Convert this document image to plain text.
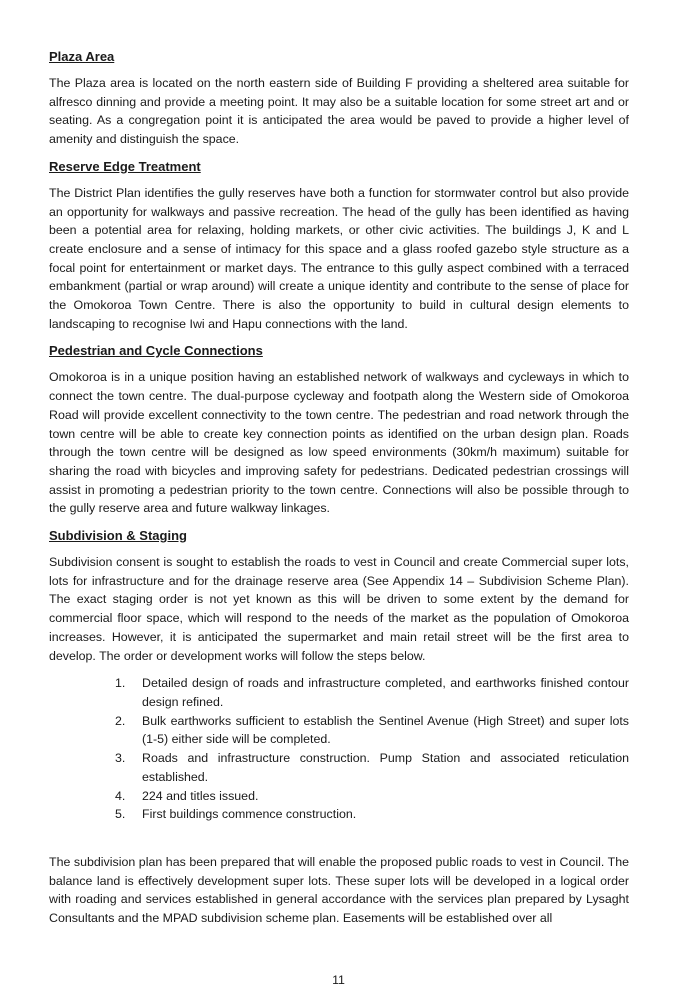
Plaza Area

The Plaza area is located on the north eastern side of Building F providing a sheltered area suitable for alfresco dinning and provide a meeting point. It may also be a suitable location for some street art and or seating. As a congregation point it is anticipated the area would be paved to provide a higher level of amenity and distinguish the space.

Reserve Edge Treatment

The District Plan identifies the gully reserves have both a function for stormwater control but also provide an opportunity for walkways and passive recreation. The head of the gully has been identified as having been a potential area for relaxing, holding markets, or other civic activities. The buildings J, K and L create enclosure and a sense of intimacy for this space and a glass roofed gazebo style structure as a focal point for entertainment or market days. The entrance to this gully aspect combined with a terraced embankment (partial or wrap around) will create a unique identity and contribute to the sense of place for the Omokoroa Town Centre. There is also the opportunity to build in cultural design elements to landscaping to recognise Iwi and Hapu connections with the land.

Pedestrian and Cycle Connections

Omokoroa is in a unique position having an established network of walkways and cycleways in which to connect the town centre. The dual-purpose cycleway and footpath along the Western side of Omokoroa Road will provide excellent connectivity to the town centre. The pedestrian and road network through the town centre will be able to create key connection points as identified on the urban design plan. Roads through the town centre will be designed as low speed environments (30km/h maximum) suitable for sharing the road with bicycles and improving safety for pedestrians. Dedicated pedestrian crossings will assist in promoting a pedestrian priority to the town centre. Connections will also be possible through to the gully reserve area and future walkway linkages.

Subdivision & Staging

Subdivision consent is sought to establish the roads to vest in Council and create Commercial super lots, lots for infrastructure and for the drainage reserve area (See Appendix 14 – Subdivision Scheme Plan). The exact staging order is not yet known as this will be driven to some extent by the demand for commercial floor space, which will respond to the needs of the market as the population of Omokoroa increases. However, it is anticipated the supermarket and main retail street will be the first area to develop. The order or development works will follow the steps below.

1. Detailed design of roads and infrastructure completed, and earthworks finished contour design refined.
2. Bulk earthworks sufficient to establish the Sentinel Avenue (High Street) and super lots (1-5) either side will be completed.
3. Roads and infrastructure construction. Pump Station and associated reticulation established.
4. 224 and titles issued.
5. First buildings commence construction.

The subdivision plan has been prepared that will enable the proposed public roads to vest in Council. The balance land is effectively development super lots. These super lots will be developed in a logical order with roading and services established in general accordance with the services plan prepared by Lysaght Consultants and the MPAD subdivision scheme plan. Easements will be established over all

11
